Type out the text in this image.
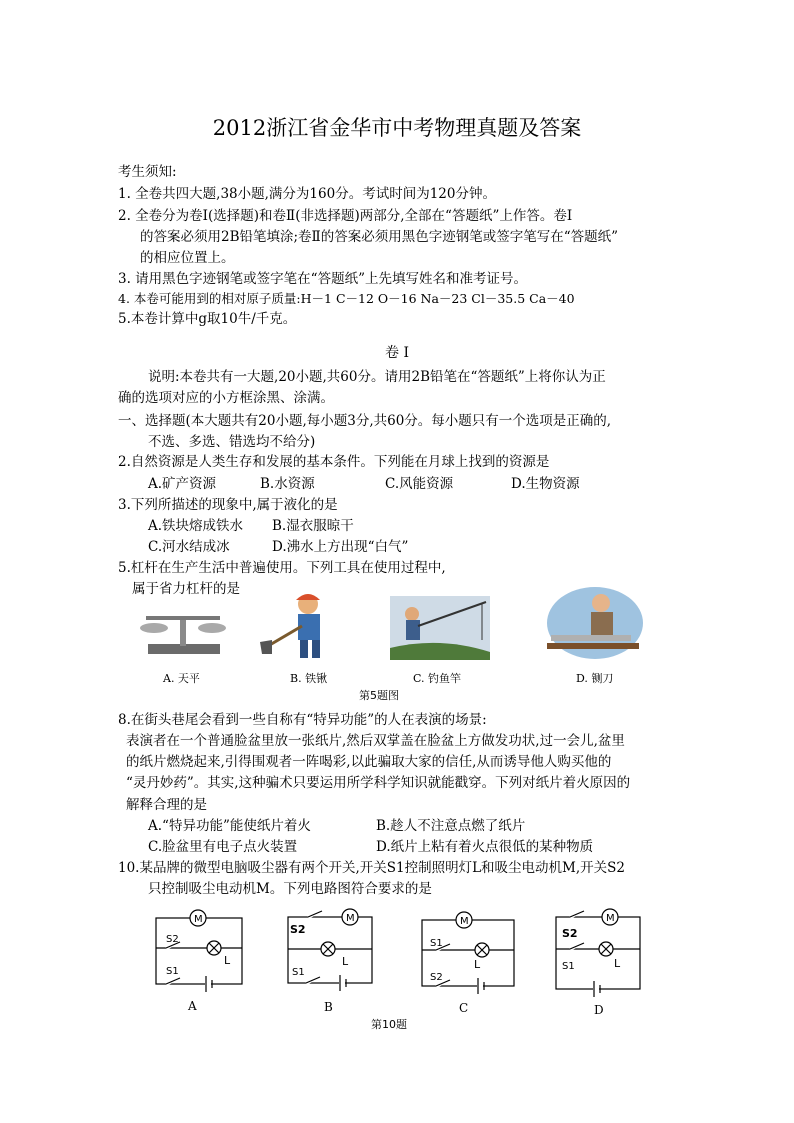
2012浙江省金华市中考物理真题及答案
考生须知:
1. 全卷共四大题,38小题,满分为160分。考试时间为120分钟。
2. 全卷分为卷Ⅰ(选择题)和卷Ⅱ(非选择题)两部分,全部在“答题纸”上作答。卷Ⅰ
的答案必须用2B铅笔填涂;卷Ⅱ的答案必须用黑色字迹钢笔或签字笔写在“答题纸”
的相应位置上。
3. 请用黑色字迹钢笔或签字笔在“答题纸”上先填写姓名和准考证号。
4. 本卷可能用到的相对原子质量:H－1 C－12 O－16 Na－23 Cl－35.5 Ca－40
5.本卷计算中g取10牛/千克。
卷 Ⅰ
说明:本卷共有一大题,20小题,共60分。请用2B铅笔在“答题纸”上将你认为正
确的选项对应的小方框涂黑、涂满。
一、选择题(本大题共有20小题,每小题3分,共60分。每小题只有一个选项是正确的,
不选、多选、错选均不给分)
2.自然资源是人类生存和发展的基本条件。下列能在月球上找到的资源是
A.矿产资源	B.水资源	C.风能资源	D.生物资源
3.下列所描述的现象中,属于液化的是
A.铁块熔成铁水 B.湿衣服晾干
C.河水结成冰	D.沸水上方出现“白气”
5.杠杆在生产生活中普遍使用。下列工具在使用过程中,
属于省力杠杆的是
A. 天平	B. 铁锹	C. 钓鱼竿	D. 铡刀
第5题图
8.在街头巷尾会看到一些自称有“特异功能”的人在表演的场景:
表演者在一个普通脸盆里放一张纸片,然后双掌盖在脸盆上方做发功状,过一会儿,盆里
的纸片燃烧起来,引得围观者一阵喝彩,以此骗取大家的信任,从而诱导他人购买他的
“灵丹妙药”。其实,这种骗术只要运用所学科学知识就能戳穿。下列对纸片着火原因的
解释合理的是
A.“特异功能”能使纸片着火	B.趁人不注意点燃了纸片
C.脸盆里有电子点火装置	D.纸片上粘有着火点很低的某种物质
10.某品牌的微型电脑吸尘器有两个开关,开关S1控制照明灯L和吸尘电动机M,开关S2
只控制吸尘电动机M。下列电路图符合要求的是
M
L
S2
S1
M
L
S2
S1
M
L
S1
S2
M
L
S2
S1
A	B	C	D
第10题
